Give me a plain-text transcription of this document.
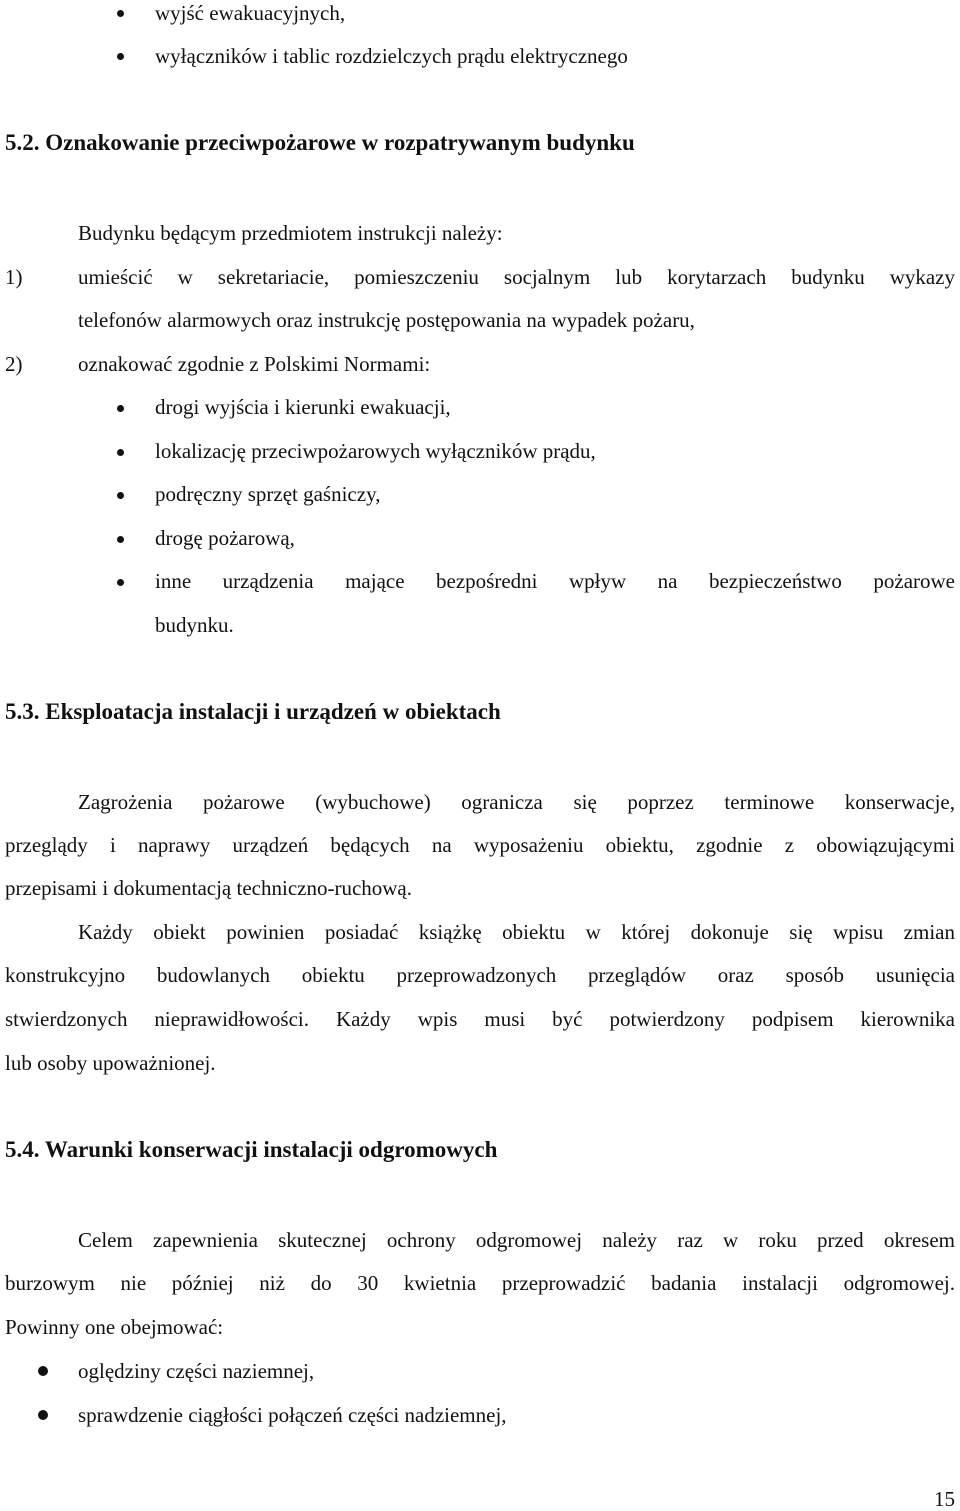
wyjść ewakuacyjnych,
wyłączników i tablic rozdzielczych prądu elektrycznego
5.2. Oznakowanie przeciwpożarowe w rozpatrywanym budynku
Budynku będącym przedmiotem instrukcji należy:
1)	umieścić w sekretariacie, pomieszczeniu socjalnym lub korytarzach budynku wykazy
telefonów alarmowych oraz instrukcję postępowania na wypadek pożaru,
2)	oznakować zgodnie z Polskimi Normami:
drogi wyjścia i kierunki ewakuacji,
lokalizację przeciwpożarowych wyłączników prądu,
podręczny sprzęt gaśniczy,
drogę pożarową,
inne urządzenia mające bezpośredni wpływ na bezpieczeństwo pożarowe
budynku.
5.3. Eksploatacja instalacji i urządzeń w obiektach
Zagrożenia pożarowe (wybuchowe) ogranicza się poprzez terminowe konserwacje,
przeglądy i naprawy urządzeń będących na wyposażeniu obiektu, zgodnie z obowiązującymi
przepisami i dokumentacją techniczno-ruchową.
Każdy obiekt powinien posiadać książkę obiektu w której dokonuje się wpisu zmian
konstrukcyjno budowlanych obiektu przeprowadzonych przeglądów oraz sposób usunięcia
stwierdzonych nieprawidłowości. Każdy wpis musi być potwierdzony podpisem kierownika
lub osoby upoważnionej.
5.4. Warunki konserwacji instalacji odgromowych
Celem zapewnienia skutecznej ochrony odgromowej należy raz w roku przed okresem
burzowym nie później niż do 30 kwietnia przeprowadzić badania instalacji odgromowej.
Powinny one obejmować:
oględziny części naziemnej,
sprawdzenie ciągłości połączeń części nadziemnej,
15
